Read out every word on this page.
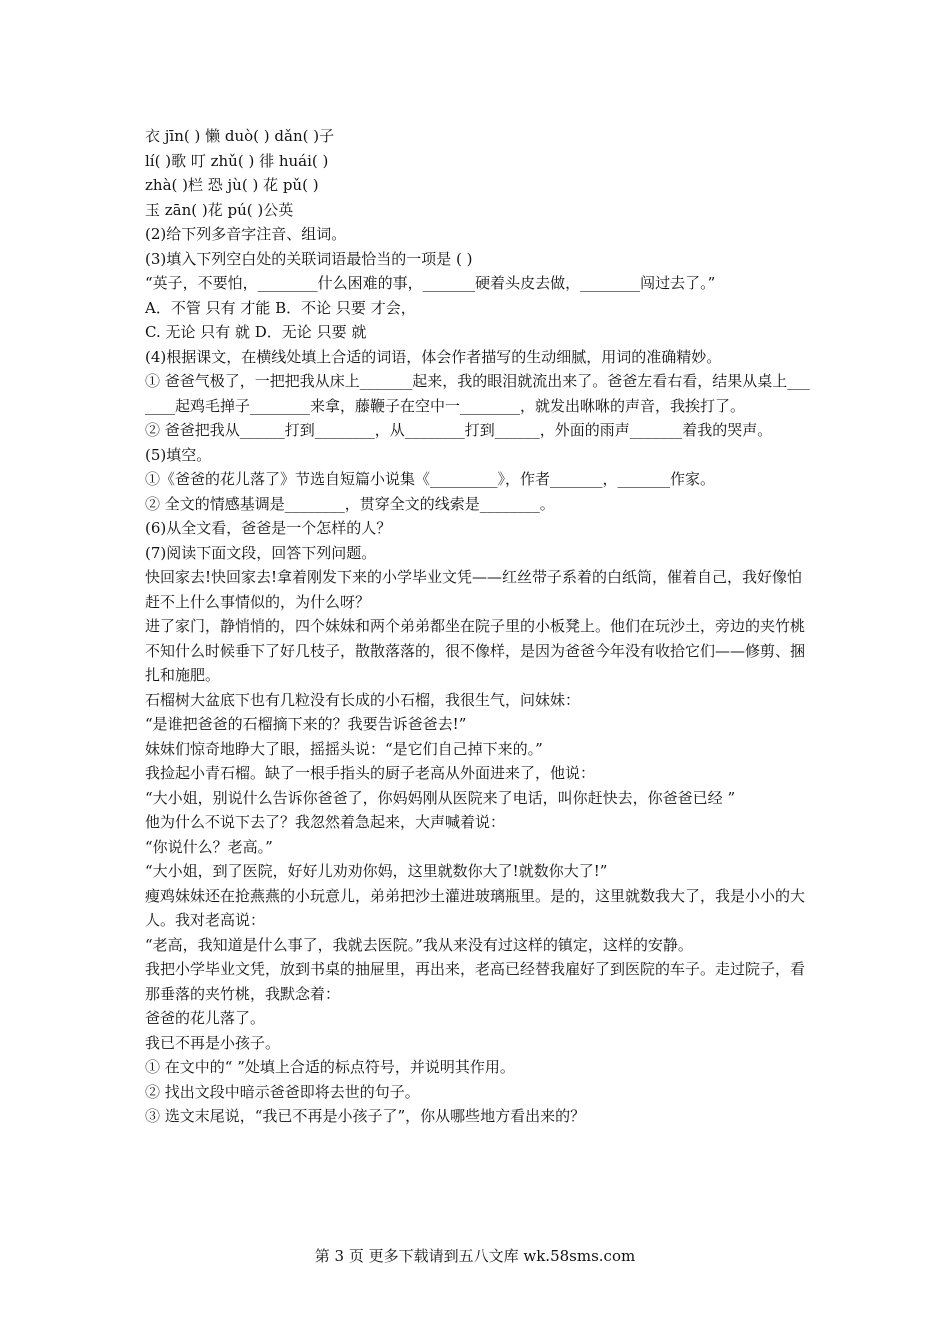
衣 jīn( ) 懒 duò( ) dǎn( )子
lí( )歌 叮 zhǔ( ) 徘 huái( )
zhà( )栏 恐 jù( ) 花 pǔ( )
玉 zān( )花 pú( )公英
(2)给下列多音字注音、组词。
(3)填入下列空白处的关联词语最恰当的一项是 ( )
“英子，不要怕，________什么困难的事，_______硬着头皮去做，________闯过去了。”
A．不管 只有 才能 B．不论 只要 才会，
C. 无论 只有 就 D．无论 只要 就
(4)根据课文，在横线处填上合适的词语，体会作者描写的生动细腻，用词的准确精妙。
① 爸爸气极了，一把把我从床上_______起来，我的眼泪就流出来了。爸爸左看右看，结果从桌上_______起鸡毛掸子________来拿，藤鞭子在空中一________，就发出咻咻的声音，我挨打了。
② 爸爸把我从______打到________，从________打到______，外面的雨声_______着我的哭声。
(5)填空。
①《爸爸的花儿落了》节选自短篇小说集《_________》，作者_______，_______作家。
② 全文的情感基调是________，贯穿全文的线索是________。
(6)从全文看，爸爸是一个怎样的人？
(7)阅读下面文段，回答下列问题。
快回家去!快回家去!拿着刚发下来的小学毕业文凭——红丝带子系着的白纸筒，催着自己，我好像怕赶不上什么事情似的，为什么呀？
进了家门，静悄悄的，四个妹妹和两个弟弟都坐在院子里的小板凳上。他们在玩沙土，旁边的夹竹桃不知什么时候垂下了好几枝子，散散落落的，很不像样，是因为爸爸今年没有收拾它们——修剪、捆扎和施肥。
石榴树大盆底下也有几粒没有长成的小石榴，我很生气，问妹妹：
“是谁把爸爸的石榴摘下来的？我要告诉爸爸去!”
妹妹们惊奇地睁大了眼，摇摇头说：“是它们自己掉下来的。”
我捡起小青石榴。缺了一根手指头的厨子老高从外面进来了，他说：
“大小姐，别说什么告诉你爸爸了，你妈妈刚从医院来了电话，叫你赶快去，你爸爸已经 ”
他为什么不说下去了？我忽然着急起来，大声喊着说：
“你说什么？老高。”
“大小姐，到了医院，好好儿劝劝你妈，这里就数你大了!就数你大了!”
瘦鸡妹妹还在抢燕燕的小玩意儿，弟弟把沙土灌进玻璃瓶里。是的，这里就数我大了，我是小小的大人。我对老高说：
“老高，我知道是什么事了，我就去医院。”我从来没有过这样的镇定，这样的安静。
我把小学毕业文凭，放到书桌的抽屉里，再出来，老高已经替我雇好了到医院的车子。走过院子，看那垂落的夹竹桃，我默念着：
爸爸的花儿落了。
我已不再是小孩子。
① 在文中的“ ”处填上合适的标点符号，并说明其作用。
② 找出文段中暗示爸爸即将去世的句子。
③ 选文末尾说，“我已不再是小孩子了”，你从哪些地方看出来的？
第 3 页 更多下载请到五八文库 wk.58sms.com
